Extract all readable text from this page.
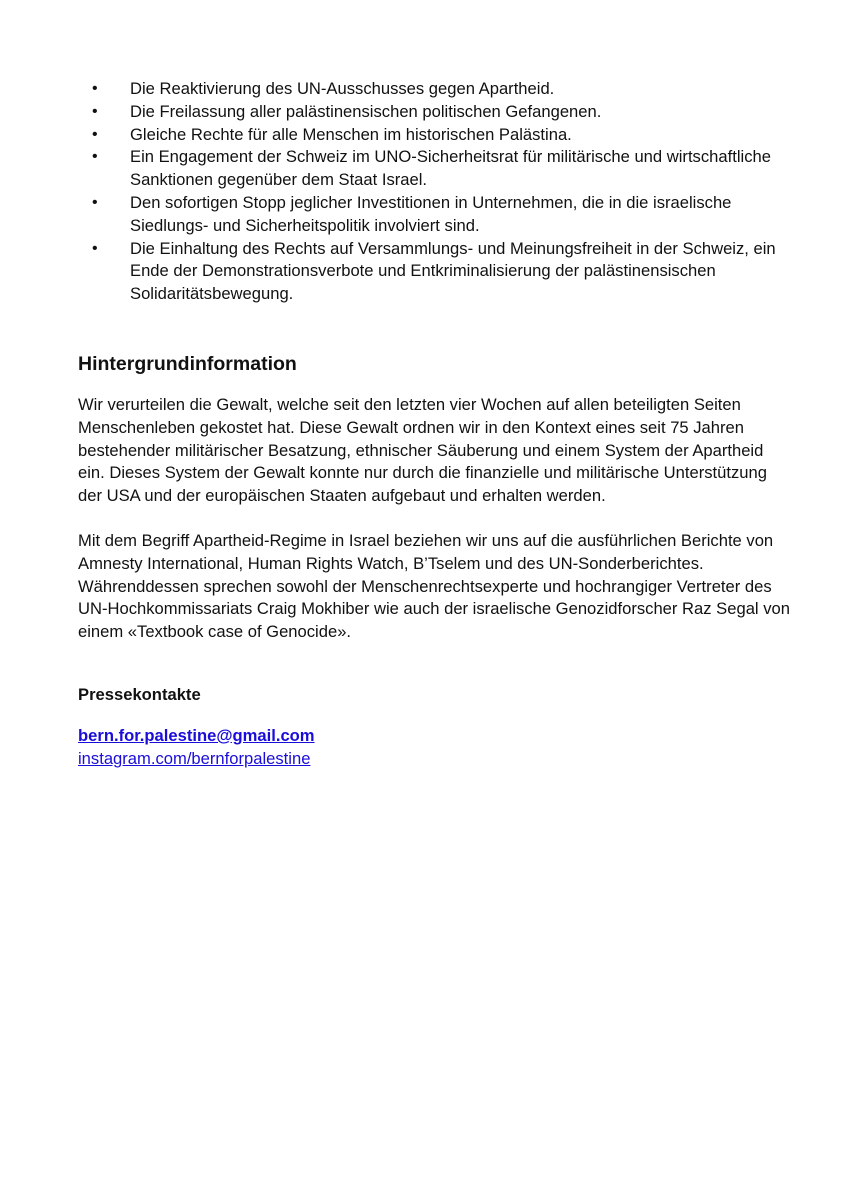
• Die Reaktivierung des UN-Ausschusses gegen Apartheid.
• Die Freilassung aller palästinensischen politischen Gefangenen.
• Gleiche Rechte für alle Menschen im historischen Palästina.
• Ein Engagement der Schweiz im UNO-Sicherheitsrat für militärische und wirtschaftliche Sanktionen gegenüber dem Staat Israel.
• Den sofortigen Stopp jeglicher Investitionen in Unternehmen, die in die israelische Siedlungs- und Sicherheitspolitik involviert sind.
• Die Einhaltung des Rechts auf Versammlungs- und Meinungsfreiheit in der Schweiz, ein Ende der Demonstrationsverbote und Entkriminalisierung der palästinensischen Solidaritätsbewegung.
Hintergrundinformation

Wir verurteilen die Gewalt, welche seit den letzten vier Wochen auf allen beteiligten Seiten Menschenleben gekostet hat. Diese Gewalt ordnen wir in den Kontext eines seit 75 Jahren bestehender militärischer Besatzung, ethnischer Säuberung und einem System der Apartheid ein. Dieses System der Gewalt konnte nur durch die finanzielle und militärische Unterstützung der USA und der europäischen Staaten aufgebaut und erhalten werden.

Mit dem Begriff Apartheid-Regime in Israel beziehen wir uns auf die ausführlichen Berichte von Amnesty International, Human Rights Watch, B’Tselem und des UN-Sonderberichtes. Währenddessen sprechen sowohl der Menschenrechtsexperte und hochrangiger Vertreter des UN-Hochkommissariats Craig Mokhiber wie auch der israelische Genozidforscher Raz Segal von einem «Textbook case of Genocide».

Pressekontakte
bern.for.palestine@gmail.com
instagram.com/bernforpalestine
